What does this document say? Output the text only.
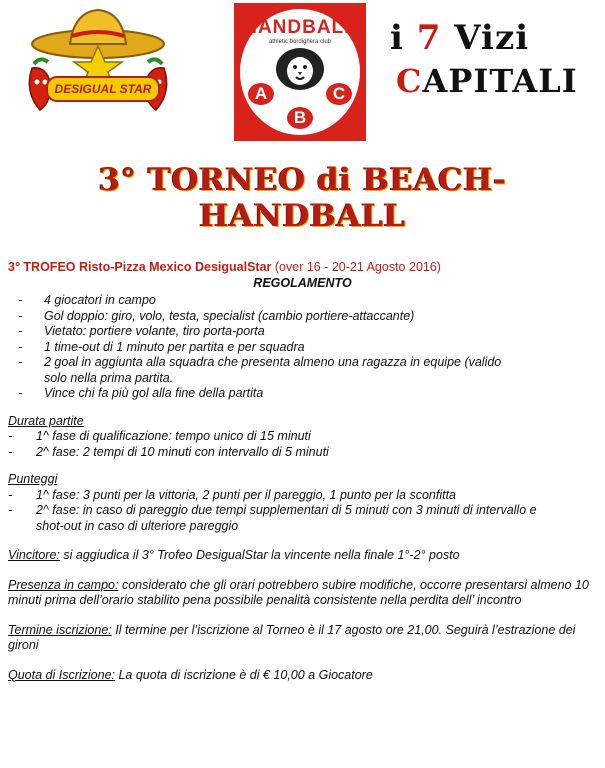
DESIGUAL STAR
HANDBALL
athletic bordighera club
A	C
B
i 7 Vizi
CAPITALI
3° TORNEO di BEACH-HANDBALL
3° TROFEO Risto-Pizza Mexico DesigualStar (over 16 - 20-21 Agosto 2016)
REGOLAMENTO
- 4 giocatori in campo
- Gol doppio: giro, volo, testa, specialist (cambio portiere-attaccante)
- Vietato: portiere volante, tiro porta-porta
- 1 time-out di 1 minuto per partita e per squadra
- 2 goal in aggiunta alla squadra che presenta almeno una ragazza in equipe (valido
solo nella prima partita.
- Vince chi fa più gol alla fine della partita
Durata partite
- 1^ fase di qualificazione: tempo unico di 15 minuti
- 2^ fase: 2 tempi di 10 minuti con intervallo di 5 minuti
Punteggi
- 1^ fase: 3 punti per la vittoria, 2 punti per il pareggio, 1 punto per la sconfitta
- 2^ fase: in caso di pareggio due tempi supplementari di 5 minuti con 3 minuti di intervallo e
shot-out in caso di ulteriore pareggio
Vincitore: si aggiudica il 3° Trofeo DesigualStar la vincente nella finale 1°-2° posto
Presenza in campo: considerato che gli orari potrebbero subire modifiche, occorre presentarsi almeno 10 minuti prima dell’orario stabilito pena possibile penalità consistente nella perdita dell’ incontro
Termine iscrizione: Il termine per l’iscrizione al Torneo è il 17 agosto ore 21,00. Seguirà l’estrazione dei gironi
Quota di Iscrizione: La quota di iscrizione è di € 10,00 a Giocatore
